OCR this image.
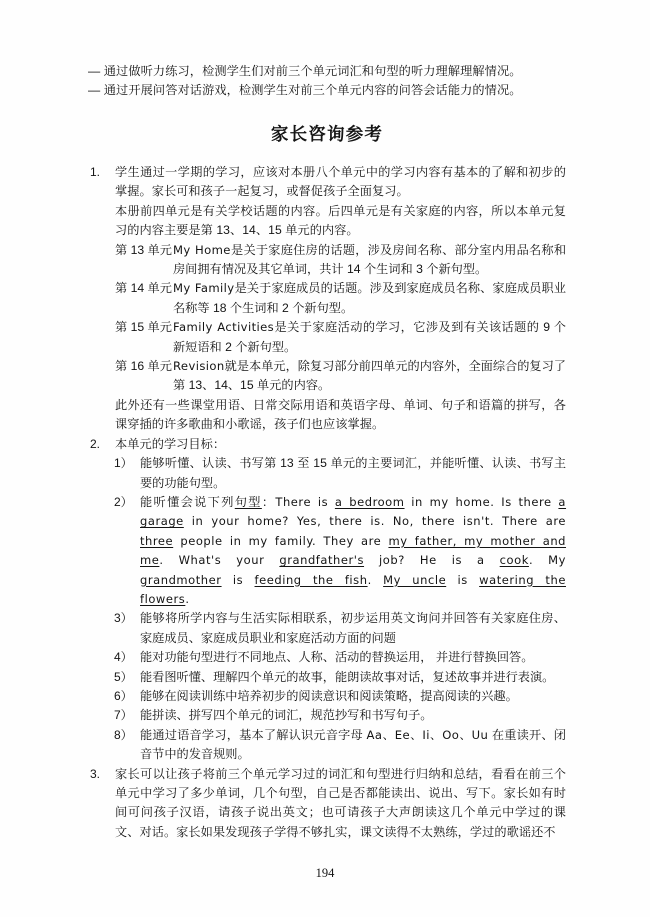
— 通过做听力练习，检测学生们对前三个单元词汇和句型的听力理解理解情况。
— 通过开展问答对话游戏，检测学生对前三个单元内容的问答会话能力的情况。
家长咨询参考
1. 学生通过一学期的学习，应该对本册八个单元中的学习内容有基本的了解和初步的掌握。家长可和孩子一起复习，或督促孩子全面复习。
本册前四单元是有关学校话题的内容。后四单元是有关家庭的内容，所以本单元复习的内容主要是第 13、14、15 单元的内容。
第 13 单元 My Home是关于家庭住房的话题，涉及房间名称、部分室内用品名称和房间拥有情况及其它单词，共计 14 个生词和 3 个新句型。
第 14 单元 My Family是关于家庭成员的话题。涉及到家庭成员名称、家庭成员职业名称等 18 个生词和 2 个新句型。
第 15 单元 Family Activities是关于家庭活动的学习，它涉及到有关该话题的 9 个新短语和 2 个新句型。
第 16 单元 Revision就是本单元，除复习部分前四单元的内容外，全面综合的复习了第 13、14、15 单元的内容。
此外还有一些课堂用语、日常交际用语和英语字母、单词、句子和语篇的拼写，各课穿插的许多歌曲和小歌谣，孩子们也应该掌握。
2. 本单元的学习目标：
1） 能够听懂、认读、书写第 13 至 15 单元的主要词汇，并能听懂、认读、书写主要的功能句型。
2） 能听懂会说下列句型：There is a bedroom in my home. Is there a garage in your home? Yes, there is. No, there isn't. There are three people in my family. They are my father, my mother and me. What's your grandfather's job? He is a cook. My grandmother is feeding the fish. My uncle is watering the flowers.
3） 能够将所学内容与生活实际相联系，初步运用英文询问并回答有关家庭住房、家庭成员、家庭成员职业和家庭活动方面的问题
4） 能对功能句型进行不同地点、人称、活动的替换运用， 并进行替换回答。
5） 能看图听懂、理解四个单元的故事，能朗读故事对话，复述故事并进行表演。
6） 能够在阅读训练中培养初步的阅读意识和阅读策略，提高阅读的兴趣。
7） 能拼读、拼写四个单元的词汇，规范抄写和书写句子。
8） 能通过语音学习，基本了解认识元音字母 Aa、Ee、Ii、Oo、Uu 在重读开、闭音节中的发音规则。
3. 家长可以让孩子将前三个单元学习过的词汇和句型进行归纳和总结，看看在前三个单元中学习了多少单词，几个句型，自己是否都能读出、说出、写下。家长如有时间可问孩子汉语，请孩子说出英文；也可请孩子大声朗读这几个单元中学过的课文、对话。家长如果发现孩子学得不够扎实，课文读得不太熟练，学过的歌谣还不
194
